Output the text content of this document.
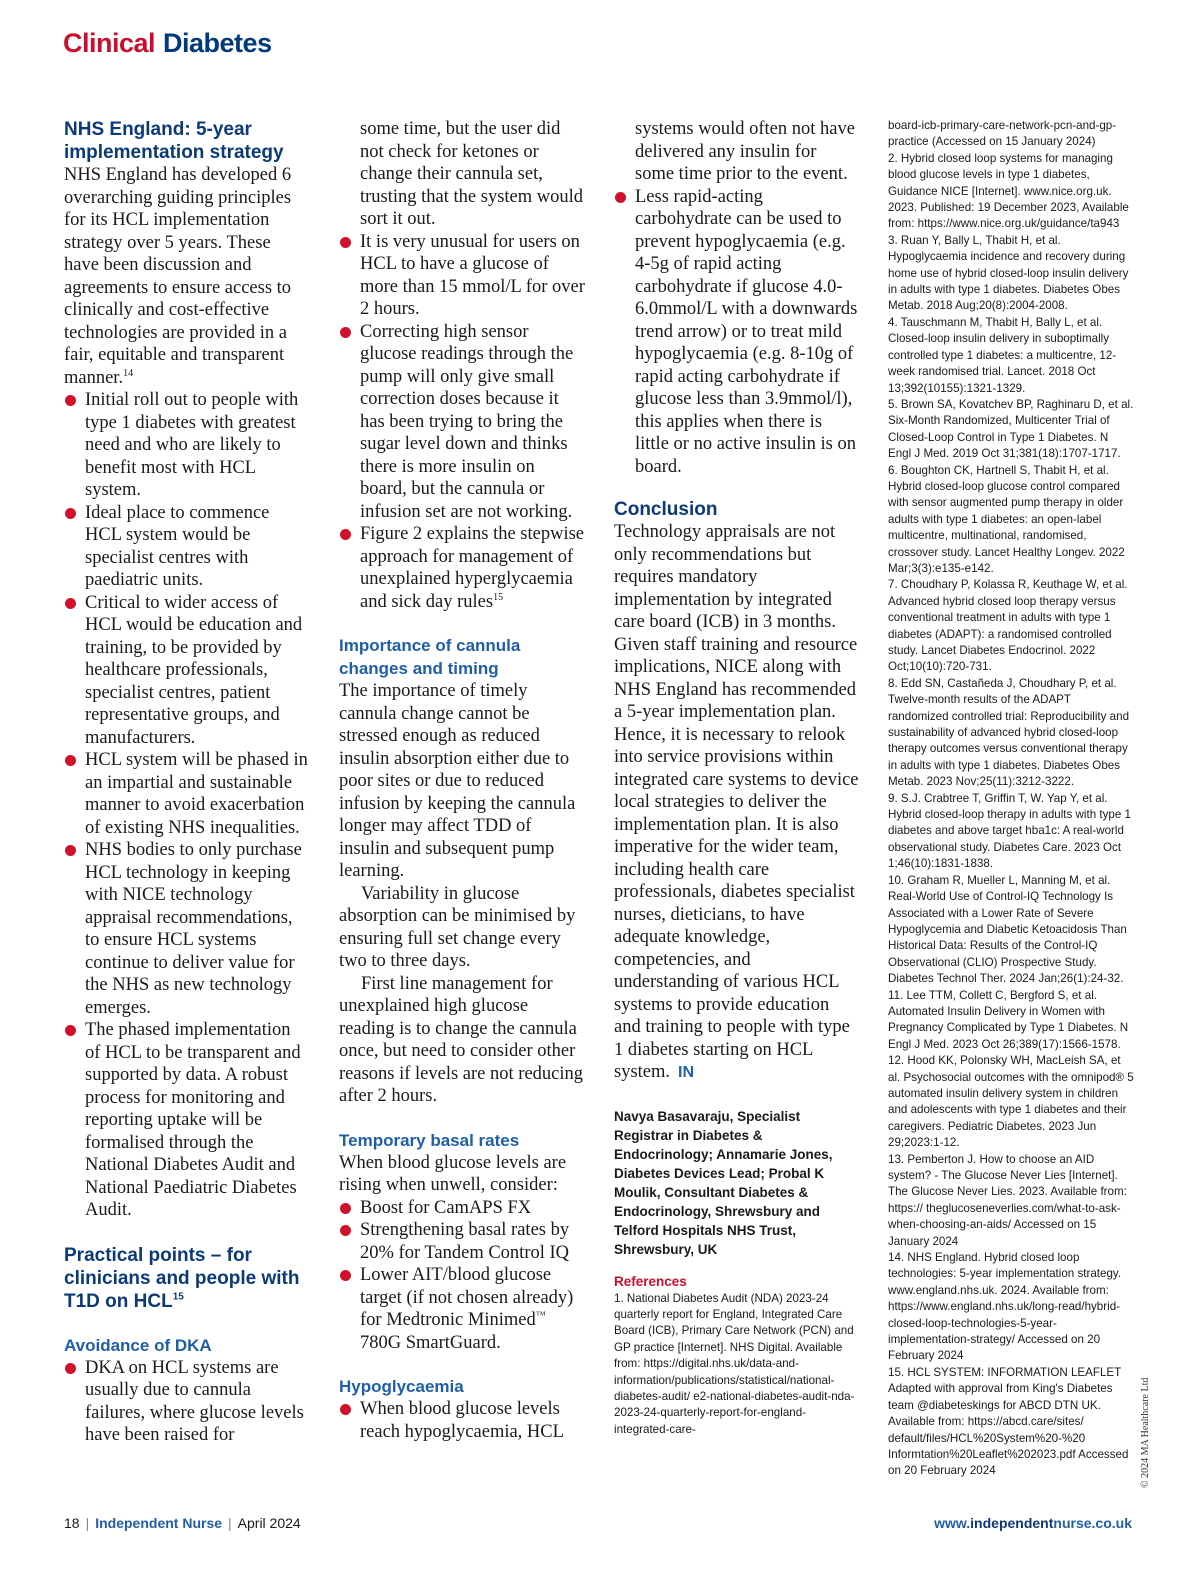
Clinical Diabetes
NHS England: 5-year implementation strategy

NHS England has developed 6 overarching guiding principles for its HCL implementation strategy over 5 years. These have been discussion and agreements to ensure access to clinically and cost-effective technologies are provided in a fair, equitable and transparent manner.$^{14}$

Initial roll out to people with type 1 diabetes with greatest need and who are likely to benefit most with HCL system.
Ideal place to commence HCL system would be specialist centres with paediatric units.
Critical to wider access of HCL would be education and training, to be provided by healthcare professionals, specialist centres, patient representative groups, and manufacturers.
HCL system will be phased in an impartial and sustainable manner to avoid exacerbation of existing NHS inequalities.
NHS bodies to only purchase HCL technology in keeping with NICE technology appraisal recommendations, to ensure HCL systems continue to deliver value for the NHS as new technology emerges.
The phased implementation of HCL to be transparent and supported by data. A robust process for monitoring and reporting uptake will be formalised through the National Diabetes Audit and National Paediatric Diabetes Audit.
Practical points – for clinicians and people with T1D on HCL$^{15}$
Avoidance of DKA
DKA on HCL systems are usually due to cannula failures, where glucose levels have been raised for

some time, but the user did not check for ketones or change their cannula set, trusting that the system would sort it out.

It is very unusual for users on HCL to have a glucose of more than 15 mmol/L for over 2 hours.
Correcting high sensor glucose readings through the pump will only give small correction doses because it has been trying to bring the sugar level down and thinks there is more insulin on board, but the cannula or infusion set are not working.
Figure 2 explains the stepwise approach for management of unexplained hyperglycaemia and sick day rules$^{15}$
Importance of cannula changes and timing

The importance of timely cannula change cannot be stressed enough as reduced insulin absorption either due to poor sites or due to reduced infusion by keeping the cannula longer may affect TDD of insulin and subsequent pump learning.

Variability in glucose absorption can be minimised by ensuring full set change every two to three days.

First line management for unexplained high glucose reading is to change the cannula once, but need to consider other reasons if levels are not reducing after 2 hours.

Temporary basal rates

When blood glucose levels are rising when unwell, consider:

Boost for CamAPS FX
Strengthening basal rates by 20% for Tandem Control IQ
Lower AIT/blood glucose target (if not chosen already) for Medtronic Minimed™ 780G SmartGuard.
Hypoglycaemia
When blood glucose levels reach hypoglycaemia, HCL

systems would often not have delivered any insulin for some time prior to the event.

Less rapid-acting carbohydrate can be used to prevent hypoglycaemia (e.g. 4-5g of rapid acting carbohydrate if glucose 4.0-6.0mmol/L with a downwards trend arrow) or to treat mild hypoglycaemia (e.g. 8-10g of rapid acting carbohydrate if glucose less than 3.9mmol/l), this applies when there is little or no active insulin is on board.
Conclusion

Technology appraisals are not only recommendations but requires mandatory implementation by integrated care board (ICB) in 3 months. Given staff training and resource implications, NICE along with NHS England has recommended a 5-year implementation plan. Hence, it is necessary to relook into service provisions within integrated care systems to device local strategies to deliver the implementation plan. It is also imperative for the wider team, including health care professionals, diabetes specialist nurses, dieticians, to have adequate knowledge, competencies, and understanding of various HCL systems to provide education and training to people with type 1 diabetes starting on HCL system. IN

Navya Basavaraju, Specialist Registrar in Diabetes & Endocrinology; Annamarie Jones, Diabetes Devices Lead; Probal K Moulik, Consultant Diabetes & Endocrinology, Shrewsbury and Telford Hospitals NHS Trust, Shrewsbury, UK

References

1. National Diabetes Audit (NDA) 2023-24 quarterly report for England, Integrated Care Board (ICB), Primary Care Network (PCN) and GP practice [Internet]. NHS Digital. Available from: https://digital.nhs.uk/data-and-information/publications/statistical/national-diabetes-audit/ e2-national-diabetes-audit-nda-2023-24-quarterly-report-for-england-integrated-care-

board-icb-primary-care-network-pcn-and-gp-practice (Accessed on 15 January 2024)

2. Hybrid closed loop systems for managing blood glucose levels in type 1 diabetes, Guidance NICE [Internet]. www.nice.org.uk. 2023. Published: 19 December 2023, Available from: https://www.nice.org.uk/guidance/ta943

3. Ruan Y, Bally L, Thabit H, et al. Hypoglycaemia incidence and recovery during home use of hybrid closed-loop insulin delivery in adults with type 1 diabetes. Diabetes Obes Metab. 2018 Aug;20(8):2004-2008.

4. Tauschmann M, Thabit H, Bally L, et al. Closed-loop insulin delivery in suboptimally controlled type 1 diabetes: a multicentre, 12-week randomised trial. Lancet. 2018 Oct 13;392(10155):1321-1329.

5. Brown SA, Kovatchev BP, Raghinaru D, et al. Six-Month Randomized, Multicenter Trial of Closed-Loop Control in Type 1 Diabetes. N Engl J Med. 2019 Oct 31;381(18):1707-1717.

6. Boughton CK, Hartnell S, Thabit H, et al. Hybrid closed-loop glucose control compared with sensor augmented pump therapy in older adults with type 1 diabetes: an open-label multicentre, multinational, randomised, crossover study. Lancet Healthy Longev. 2022 Mar;3(3):e135-e142.

7. Choudhary P, Kolassa R, Keuthage W, et al. Advanced hybrid closed loop therapy versus conventional treatment in adults with type 1 diabetes (ADAPT): a randomised controlled study. Lancet Diabetes Endocrinol. 2022 Oct;10(10):720-731.

8. Edd SN, Castañeda J, Choudhary P, et al. Twelve-month results of the ADAPT randomized controlled trial: Reproducibility and sustainability of advanced hybrid closed-loop therapy outcomes versus conventional therapy in adults with type 1 diabetes. Diabetes Obes Metab. 2023 Nov;25(11):3212-3222.

9. S.J. Crabtree T, Griffin T, W. Yap Y, et al. Hybrid closed-loop therapy in adults with type 1 diabetes and above target hba1c: A real-world observational study. Diabetes Care. 2023 Oct 1;46(10):1831-1838.

10. Graham R, Mueller L, Manning M, et al. Real-World Use of Control-IQ Technology Is Associated with a Lower Rate of Severe Hypoglycemia and Diabetic Ketoacidosis Than Historical Data: Results of the Control-IQ Observational (CLIO) Prospective Study. Diabetes Technol Ther. 2024 Jan;26(1):24-32.

11. Lee TTM, Collett C, Bergford S, et al. Automated Insulin Delivery in Women with Pregnancy Complicated by Type 1 Diabetes. N Engl J Med. 2023 Oct 26;389(17):1566-1578.

12. Hood KK, Polonsky WH, MacLeish SA, et al. Psychosocial outcomes with the omnipod® 5 automated insulin delivery system in children and adolescents with type 1 diabetes and their caregivers. Pediatric Diabetes. 2023 Jun 29;2023:1-12.

13. Pemberton J. How to choose an AID system? - The Glucose Never Lies [Internet]. The Glucose Never Lies. 2023. Available from: https:// theglucoseneverlies.com/what-to-ask-when-choosing-an-aids/ Accessed on 15 January 2024

14. NHS England. Hybrid closed loop technologies: 5-year implementation strategy. www.england.nhs.uk. 2024. Available from: https://www.england.nhs.uk/long-read/hybrid-closed-loop-technologies-5-year-implementation-strategy/ Accessed on 20 February 2024

15. HCL SYSTEM: INFORMATION LEAFLET Adapted with approval from King's Diabetes team @diabeteskings for ABCD DTN UK. Available from: https://abcd.care/sites/ default/files/HCL%20System%20-%20 Informtation%20Leaflet%202023.pdf Accessed on 20 February 2024	© 2024 MA Healthcare Ltd
18 | Independent Nurse | April 2024	www.independentnurse.co.uk
